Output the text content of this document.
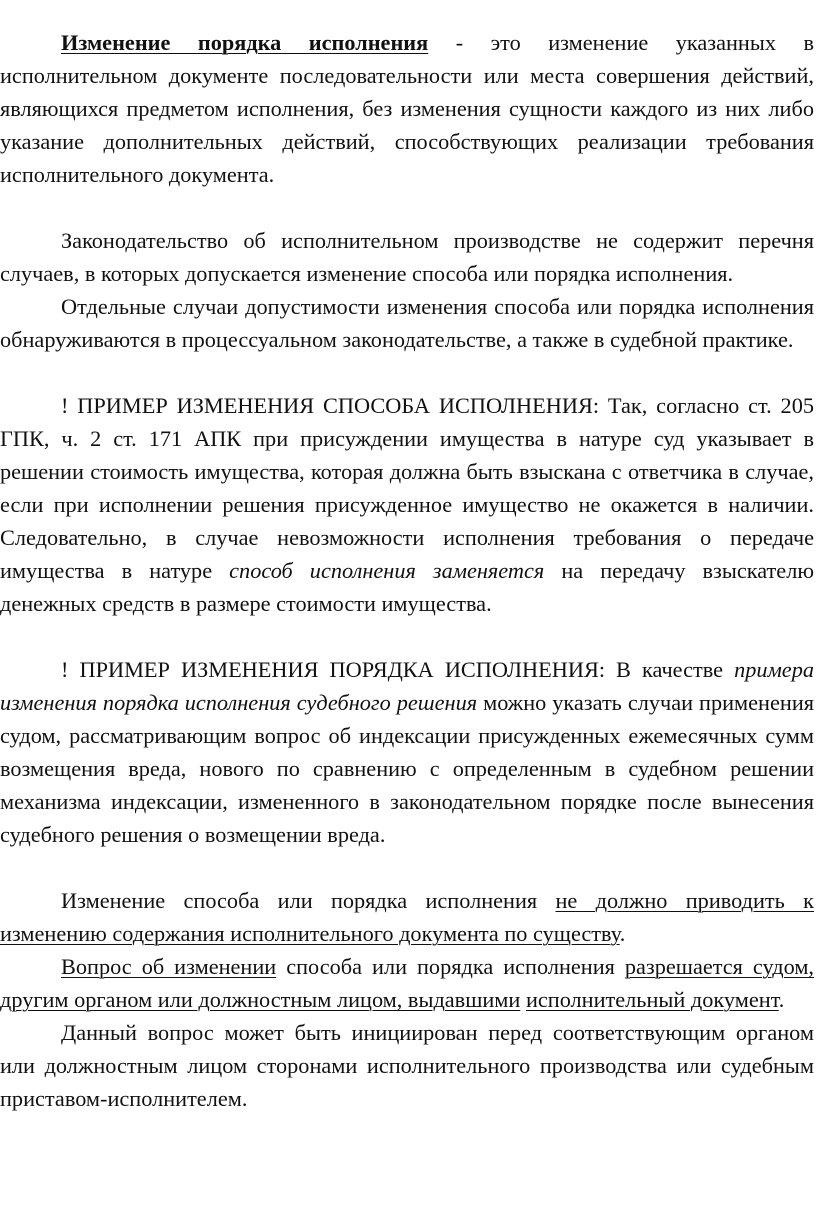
Изменение порядка исполнения - это изменение указанных в исполнительном документе последовательности или места совершения действий, являющихся предметом исполнения, без изменения сущности каждого из них либо указание дополнительных действий, способствующих реализации требования исполнительного документа.

Законодательство об исполнительном производстве не содержит перечня случаев, в которых допускается изменение способа или порядка исполнения.

Отдельные случаи допустимости изменения способа или порядка исполнения обнаруживаются в процессуальном законодательстве, а также в судебной практике.

! ПРИМЕР ИЗМЕНЕНИЯ СПОСОБА ИСПОЛНЕНИЯ: Так, согласно ст. 205 ГПК, ч. 2 ст. 171 АПК при присуждении имущества в натуре суд указывает в решении стоимость имущества, которая должна быть взыскана с ответчика в случае, если при исполнении решения присужденное имущество не окажется в наличии. Следовательно, в случае невозможности исполнения требования о передаче имущества в натуре способ исполнения заменяется на передачу взыскателю денежных средств в размере стоимости имущества.

! ПРИМЕР ИЗМЕНЕНИЯ ПОРЯДКА ИСПОЛНЕНИЯ: В качестве примера изменения порядка исполнения судебного решения можно указать случаи применения судом, рассматривающим вопрос об индексации присужденных ежемесячных сумм возмещения вреда, нового по сравнению с определенным в судебном решении механизма индексации, измененного в законодательном порядке после вынесения судебного решения о возмещении вреда.

Изменение способа или порядка исполнения не должно приводить к изменению содержания исполнительного документа по существу.

Вопрос об изменении способа или порядка исполнения разрешается судом, другим органом или должностным лицом, выдавшими исполнительный документ.

Данный вопрос может быть инициирован перед соответствующим органом или должностным лицом сторонами исполнительного производства или судебным приставом-исполнителем.
